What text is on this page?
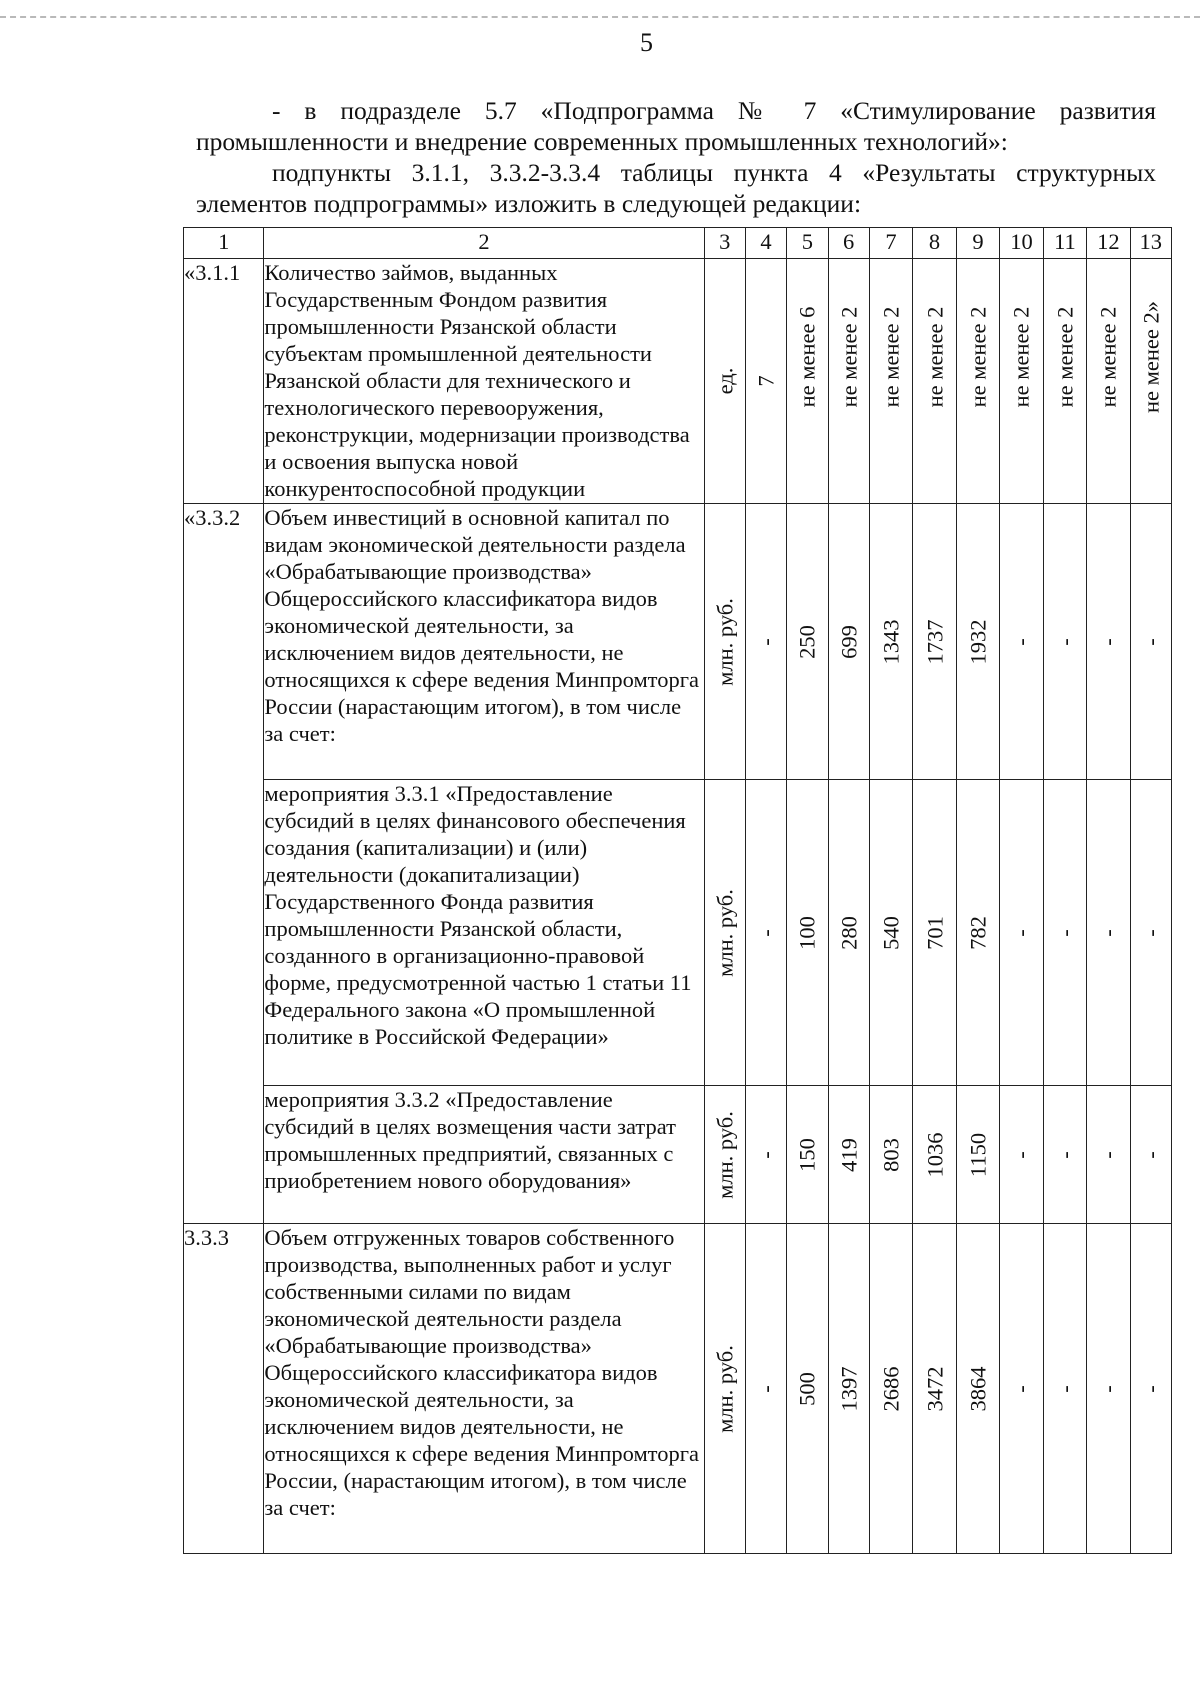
5

- в подразделе 5.7 «Подпрограмма № 7 «Стимулирование развития промышленности и внедрение современных промышленных технологий»:

подпункты 3.1.1, 3.3.2-3.3.4 таблицы пункта 4 «Результаты структурных элементов подпрограммы» изложить в следующей редакции:

1	2	3	4	5	6	7	8	9	10	11	12	13
«3.1.1	Количество займов, выданных Государственным Фондом развития промышленности Рязанской области субъектам промышленной деятельности Рязанской области для технического и технологического перевооружения, реконструкции, модернизации производства и освоения выпуска новой конкурентоспособной продукции	ед.	7	не менее 6	не менее 2	не менее 2	не менее 2	не менее 2	не менее 2	не менее 2	не менее 2	не менее 2»

«3.3.2	Объем инвестиций в основной капитал по видам экономической деятельности раздела «Обрабатывающие производства» Общероссийского классификатора видов экономической деятельности, за исключением видов деятельности, не относящихся к сфере ведения Минпромторга России (нарастающим итогом), в том числе за счет:	млн. руб.	-	250	699	1343	1737	1932	-	-	-	-

	мероприятия 3.3.1 «Предоставление субсидий в целях финансового обеспечения создания (капитализации) и (или) деятельности (докапитализации) Государственного Фонда развития промышленности Рязанской области, созданного в организационно-правовой форме, предусмотренной частью 1 статьи 11 Федерального закона «О промышленной политике в Российской Федерации»	млн. руб.	-	100	280	540	701	782	-	-	-	-

	мероприятия 3.3.2 «Предоставление субсидий в целях возмещения части затрат промышленных предприятий, связанных с приобретением нового оборудования»	млн. руб.	-	150	419	803	1036	1150	-	-	-	-

3.3.3	Объем отгруженных товаров собственного производства, выполненных работ и услуг собственными силами по видам экономической деятельности раздела «Обрабатывающие производства» Общероссийского классификатора видов экономической деятельности, за исключением видов деятельности, не относящихся к сфере ведения Минпромторга России, (нарастающим итогом), в том числе за счет:	млн. руб.	-	500	1397	2686	3472	3864	-	-	-	-
